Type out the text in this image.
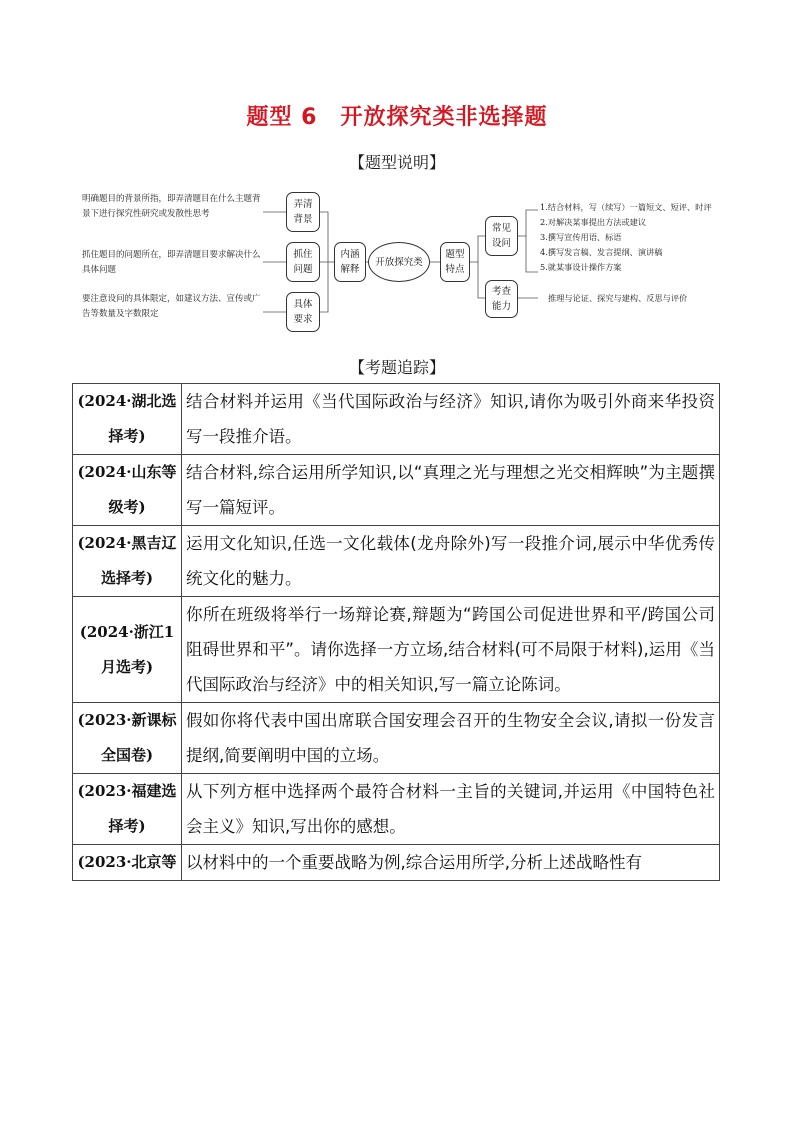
题型 6　开放探究类非选择题
【题型说明】
明确题目的背景所指，即弄清题目在什么主题背景下进行探究性研究或发散性思考
抓住题目的问题所在，即弄清题目要求解决什么具体问题
要注意设问的具体限定，如建议方法、宣传或广告等数量及字数限定
弄清背景
抓住问题
具体要求
内涵解释
开放探究类
题型特点
常见设问
考查能力
1.结合材料，写（续写）一篇短文、短评、时评
2.对解决某事提出方法或建议
3.撰写宣传用语、标语
4.撰写发言稿、发言提纲、演讲稿
5.就某事设计操作方案
推理与论证、探究与建构、反思与评价
【考题追踪】
(2024·湖北选择考)	结合材料并运用《当代国际政治与经济》知识,请你为吸引外商来华投资写一段推介语。
(2024·山东等级考)	结合材料,综合运用所学知识,以“真理之光与理想之光交相辉映”为主题撰写一篇短评。
(2024·黑吉辽选择考)	运用文化知识,任选一文化载体(龙舟除外)写一段推介词,展示中华优秀传统文化的魅力。
(2024·浙江1月选考)	你所在班级将举行一场辩论赛,辩题为“跨国公司促进世界和平/跨国公司阻碍世界和平”。请你选择一方立场,结合材料(可不局限于材料),运用《当代国际政治与经济》中的相关知识,写一篇立论陈词。
(2023·新课标全国卷)	假如你将代表中国出席联合国安理会召开的生物安全会议,请拟一份发言提纲,简要阐明中国的立场。
(2023·福建选择考)	从下列方框中选择两个最符合材料一主旨的关键词,并运用《中国特色社会主义》知识,写出你的感想。
(2023·北京等	以材料中的一个重要战略为例,综合运用所学,分析上述战略性有
